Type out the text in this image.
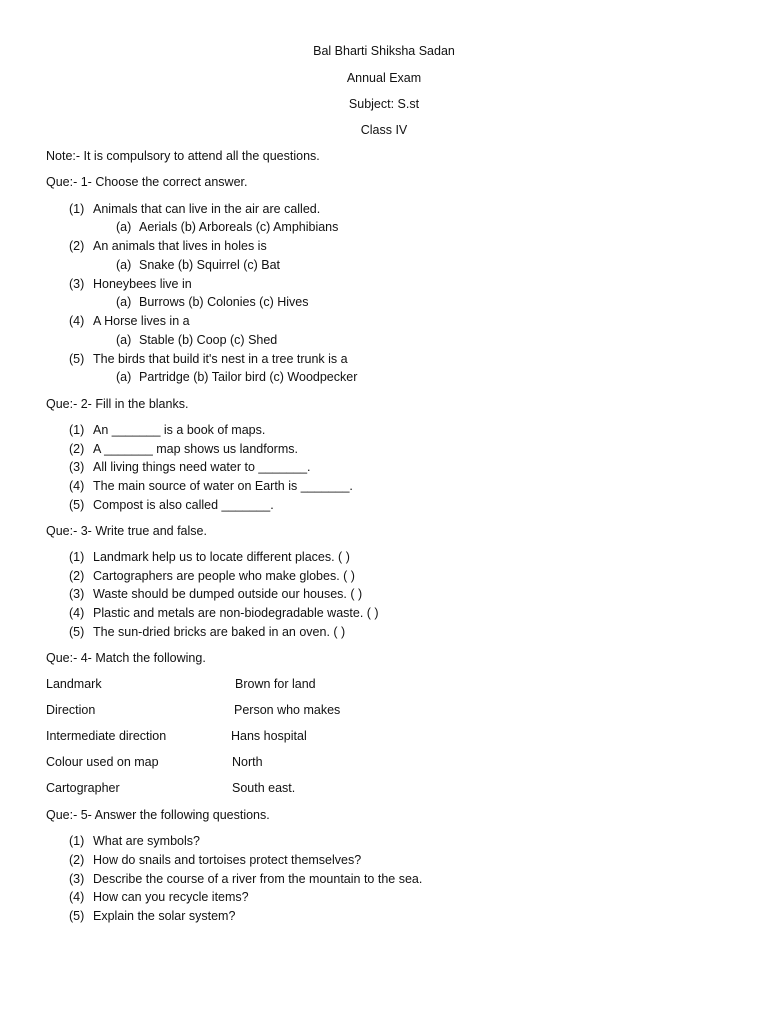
Bal Bharti Shiksha Sadan
Annual Exam
Subject: S.st
Class IV
Note:- It is compulsory to attend all the questions.
Que:- 1- Choose the correct answer.
(1) Animals that can live in the air are called.
(a) Aerials (b) Arboreals (c) Amphibians
(2) An animals that lives in holes is
(a) Snake (b) Squirrel (c) Bat
(3) Honeybees live in
(a) Burrows (b) Colonies (c) Hives
(4) A Horse lives in a
(a) Stable (b) Coop (c) Shed
(5) The birds that build it's nest in a tree trunk is a
(a) Partridge (b) Tailor bird (c) Woodpecker
Que:- 2- Fill in the blanks.
(1) An _______ is a book of maps.
(2) A _______ map shows us landforms.
(3) All living things need water to _______.
(4) The main source of water on Earth is _______.
(5) Compost is also called _______.
Que:- 3- Write true and false.
(1) Landmark help us to locate different places. ( )
(2) Cartographers are people who make globes. ( )
(3) Waste should be dumped outside our houses. ( )
(4) Plastic and metals are non-biodegradable waste. ( )
(5) The sun-dried bricks are baked in an oven. ( )
Que:- 4- Match the following.
Landmark	Brown for land
Direction	Person who makes
Intermediate direction	Hans hospital
Colour used on map	North
Cartographer	South east.
Que:- 5- Answer the following questions.
(1) What are symbols?
(2) How do snails and tortoises protect themselves?
(3) Describe the course of a river from the mountain to the sea.
(4) How can you recycle items?
(5) Explain the solar system?
